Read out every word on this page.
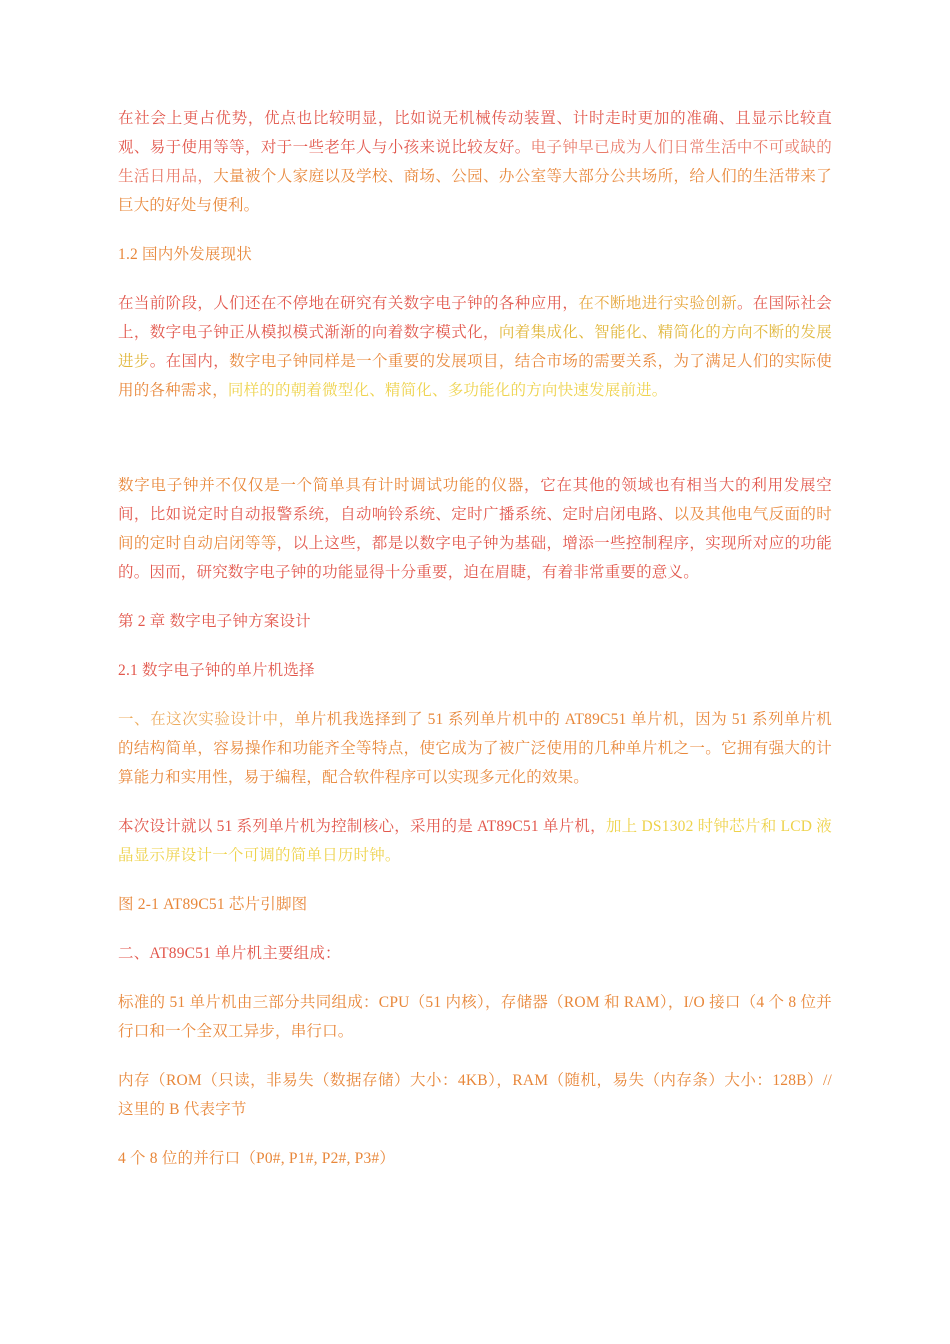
在社会上更占优势，优点也比较明显，比如说无机械传动装置、计时走时更加的准确、且显示比较直观、易于使用等等，对于一些老年人与小孩来说比较友好。电子钟早已成为人们日常生活中不可或缺的生活日用品，大量被个人家庭以及学校、商场、公园、办公室等大部分公共场所，给人们的生活带来了巨大的好处与便利。

1.2 国内外发展现状

在当前阶段，人们还在不停地在研究有关数字电子钟的各种应用，在不断地进行实验创新。在国际社会上，数字电子钟正从模拟模式渐渐的向着数字模式化，向着集成化、智能化、精简化的方向不断的发展进步。在国内，数字电子钟同样是一个重要的发展项目，结合市场的需要关系，为了满足人们的实际使用的各种需求，同样的的朝着微型化、精简化、多功能化的方向快速发展前进。

数字电子钟并不仅仅是一个简单具有计时调试功能的仪器，它在其他的领域也有相当大的利用发展空间，比如说定时自动报警系统，自动响铃系统、定时广播系统、定时启闭电路、以及其他电气反面的时间的定时自动启闭等等，以上这些，都是以数字电子钟为基础，增添一些控制程序，实现所对应的功能的。因而，研究数字电子钟的功能显得十分重要，迫在眉睫，有着非常重要的意义。

第 2 章 数字电子钟方案设计

2.1 数字电子钟的单片机选择

一、在这次实验设计中，单片机我选择到了 51 系列单片机中的 AT89C51 单片机，因为 51 系列单片机的结构简单，容易操作和功能齐全等特点，使它成为了被广泛使用的几种单片机之一。它拥有强大的计算能力和实用性，易于编程，配合软件程序可以实现多元化的效果。

本次设计就以 51 系列单片机为控制核心，采用的是 AT89C51 单片机，加上 DS1302 时钟芯片和 LCD 液晶显示屏设计一个可调的简单日历时钟。

图 2-1 AT89C51 芯片引脚图

二、AT89C51 单片机主要组成：

标准的 51 单片机由三部分共同组成：CPU（51 内核），存储器（ROM 和 RAM），I/O 接口（4 个 8 位并行口和一个全双工异步，串行口。

内存（ROM（只读，非易失（数据存储）大小：4KB），RAM（随机，易失（内存条）大小：128B）//这里的 B 代表字节

4 个 8 位的并行口（P0#, P1#, P2#, P3#）
